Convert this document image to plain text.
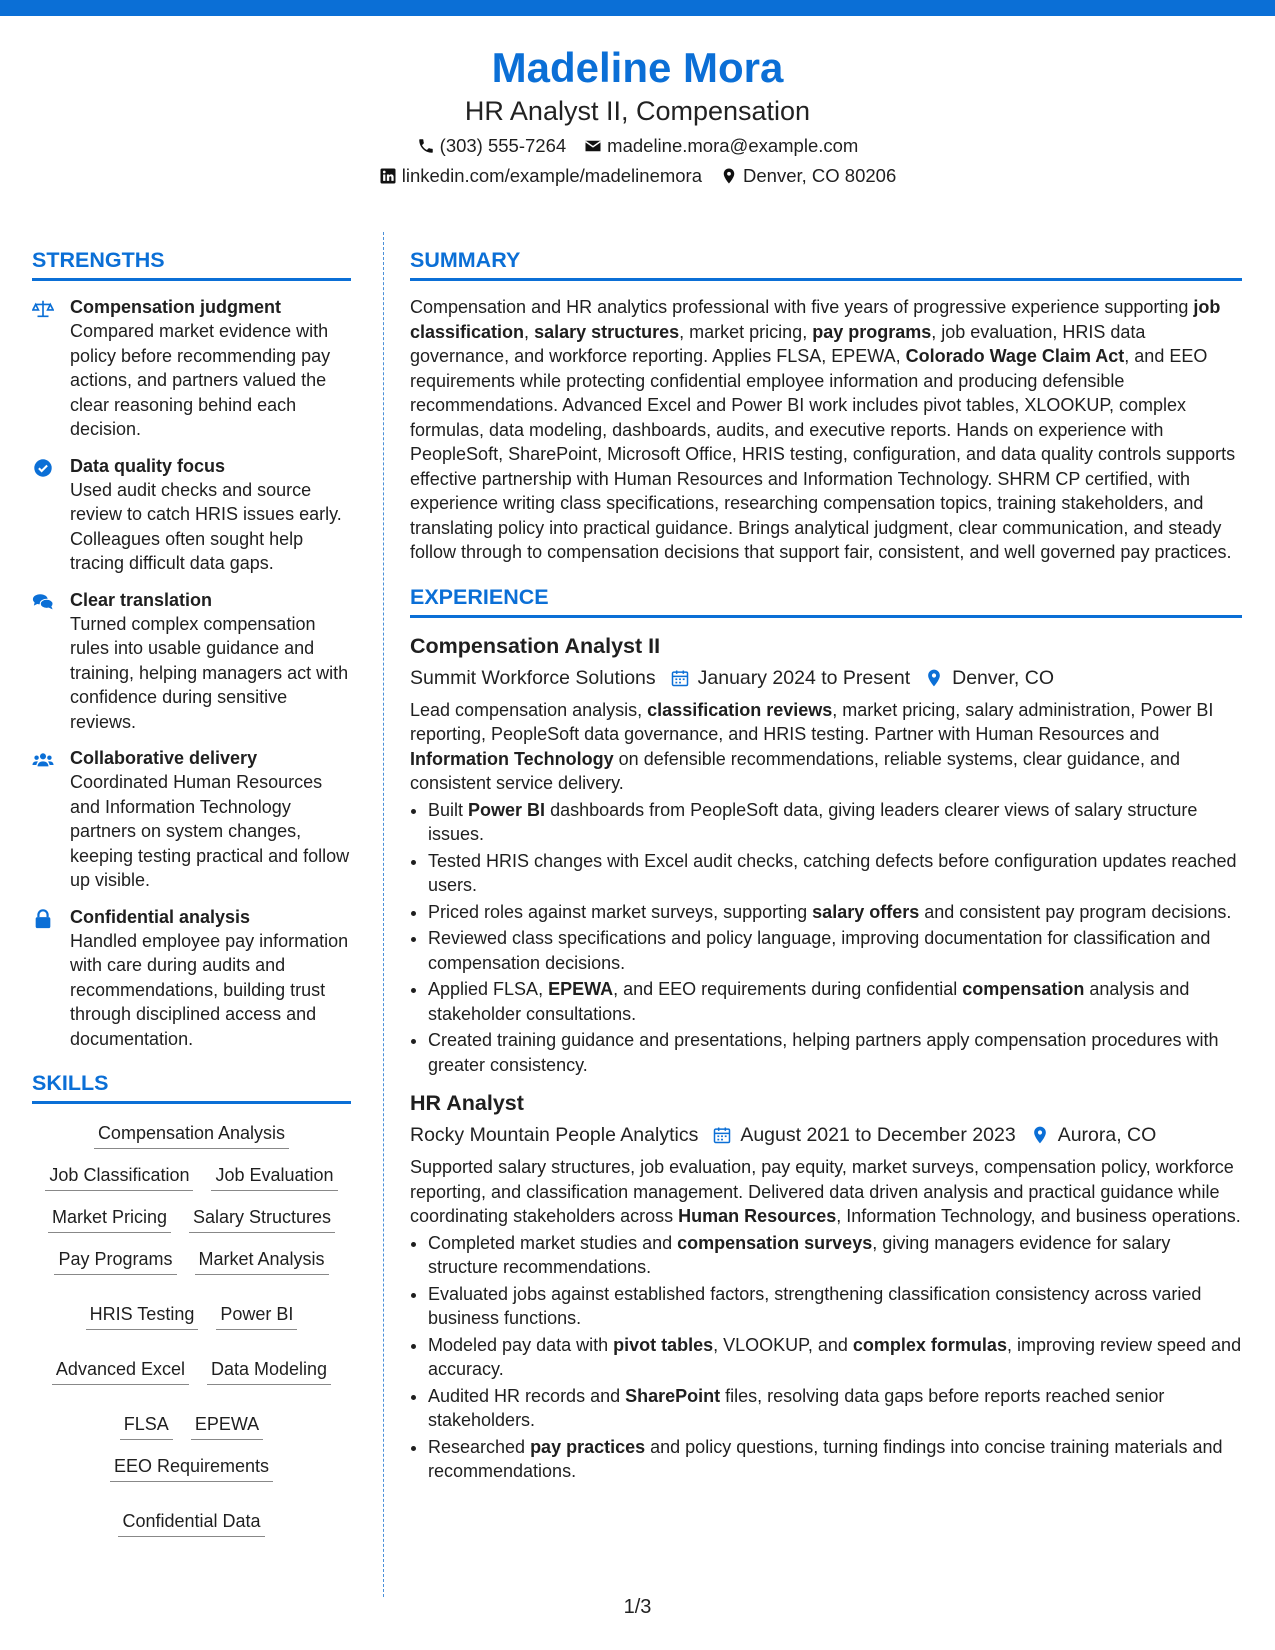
Madeline Mora
HR Analyst II, Compensation
(303) 555-7264 madeline.mora@example.com
linkedin.com/example/madelinemora Denver, CO 80206
STRENGTHS
Compensation judgment
Compared market evidence with policy before recommending pay actions, and partners valued the clear reasoning behind each decision.
Data quality focus
Used audit checks and source review to catch HRIS issues early. Colleagues often sought help tracing difficult data gaps.
Clear translation
Turned complex compensation rules into usable guidance and training, helping managers act with confidence during sensitive reviews.
Collaborative delivery
Coordinated Human Resources and Information Technology partners on system changes, keeping testing practical and follow up visible.
Confidential analysis
Handled employee pay information with care during audits and recommendations, building trust through disciplined access and documentation.
SKILLS
Compensation Analysis
Job Classification Job Evaluation
Market Pricing Salary Structures
Pay Programs Market Analysis
HRIS Testing Power BI
Advanced Excel Data Modeling
FLSA EPEWA
EEO Requirements
Confidential Data
SUMMARY
Compensation and HR analytics professional with five years of progressive experience supporting job classification, salary structures, market pricing, pay programs, job evaluation, HRIS data governance, and workforce reporting. Applies FLSA, EPEWA, Colorado Wage Claim Act, and EEO requirements while protecting confidential employee information and producing defensible recommendations. Advanced Excel and Power BI work includes pivot tables, XLOOKUP, complex formulas, data modeling, dashboards, audits, and executive reports. Hands on experience with PeopleSoft, SharePoint, Microsoft Office, HRIS testing, configuration, and data quality controls supports effective partnership with Human Resources and Information Technology. SHRM CP certified, with experience writing class specifications, researching compensation topics, training stakeholders, and translating policy into practical guidance. Brings analytical judgment, clear communication, and steady follow through to compensation decisions that support fair, consistent, and well governed pay practices.
EXPERIENCE
Compensation Analyst II
Summit Workforce Solutions January 2024 to Present Denver, CO
Lead compensation analysis, classification reviews, market pricing, salary administration, Power BI reporting, PeopleSoft data governance, and HRIS testing. Partner with Human Resources and Information Technology on defensible recommendations, reliable systems, clear guidance, and consistent service delivery.
• Built Power BI dashboards from PeopleSoft data, giving leaders clearer views of salary structure issues.
• Tested HRIS changes with Excel audit checks, catching defects before configuration updates reached users.
• Priced roles against market surveys, supporting salary offers and consistent pay program decisions.
• Reviewed class specifications and policy language, improving documentation for classification and compensation decisions.
• Applied FLSA, EPEWA, and EEO requirements during confidential compensation analysis and stakeholder consultations.
• Created training guidance and presentations, helping partners apply compensation procedures with greater consistency.
HR Analyst
Rocky Mountain People Analytics August 2021 to December 2023 Aurora, CO
Supported salary structures, job evaluation, pay equity, market surveys, compensation policy, workforce reporting, and classification management. Delivered data driven analysis and practical guidance while coordinating stakeholders across Human Resources, Information Technology, and business operations.
• Completed market studies and compensation surveys, giving managers evidence for salary structure recommendations.
• Evaluated jobs against established factors, strengthening classification consistency across varied business functions.
• Modeled pay data with pivot tables, VLOOKUP, and complex formulas, improving review speed and accuracy.
• Audited HR records and SharePoint files, resolving data gaps before reports reached senior stakeholders.
• Researched pay practices and policy questions, turning findings into concise training materials and recommendations.
1/3
